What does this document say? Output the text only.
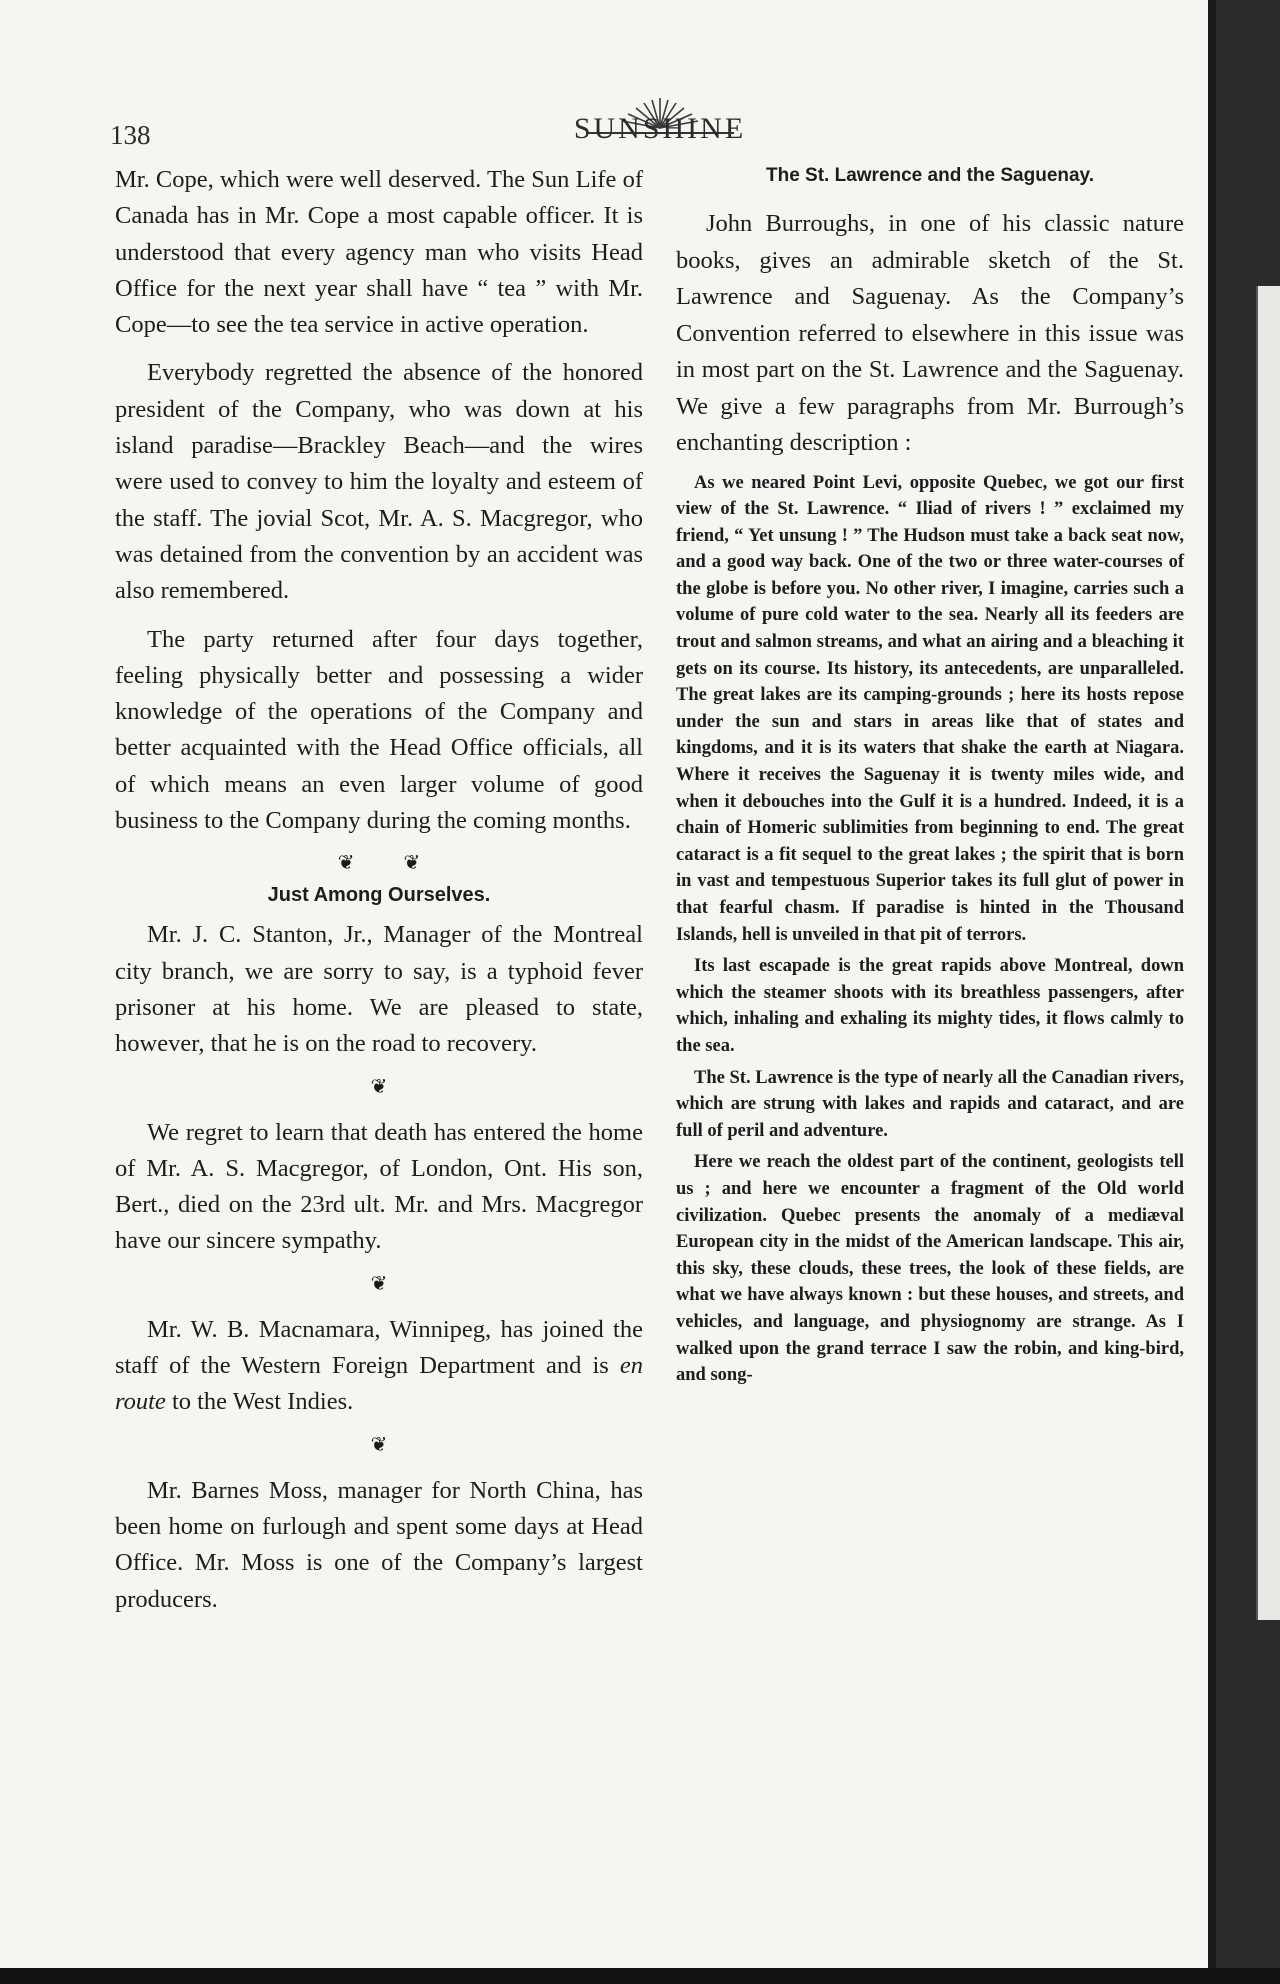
138	SUNSHINE

Mr. Cope, which were well deserved. The Sun Life of Canada has in Mr. Cope a most capable officer. It is understood that every agency man who visits Head Office for the next year shall have “ tea ” with Mr. Cope—to see the tea service in active operation.

Everybody regretted the absence of the honored president of the Company, who was down at his island paradise—Brackley Beach—and the wires were used to convey to him the loyalty and esteem of the staff. The jovial Scot, Mr. A. S. Macgregor, who was detained from the convention by an accident was also remembered.

The party returned after four days together, feeling physically better and possessing a wider knowledge of the operations of the Company and better acquainted with the Head Office officials, all of which means an even larger volume of good business to the Company during the coming months.

❦ ❦
Just Among Ourselves.

Mr. J. C. Stanton, Jr., Manager of the Montreal city branch, we are sorry to say, is a typhoid fever prisoner at his home. We are pleased to state, however, that he is on the road to recovery.

❦

We regret to learn that death has entered the home of Mr. A. S. Macgregor, of London, Ont. His son, Bert., died on the 23rd ult. Mr. and Mrs. Macgregor have our sincere sympathy.

❦

Mr. W. B. Macnamara, Winnipeg, has joined the staff of the Western Foreign Department and is en route to the West Indies.

❦

Mr. Barnes Moss, manager for North China, has been home on furlough and spent some days at Head Office. Mr. Moss is one of the Company’s largest producers.

The St. Lawrence and the Saguenay.

John Burroughs, in one of his classic nature books, gives an admirable sketch of the St. Lawrence and Saguenay. As the Company’s Convention referred to elsewhere in this issue was in most part on the St. Lawrence and the Saguenay. We give a few paragraphs from Mr. Burrough’s enchanting description :

As we neared Point Levi, opposite Quebec, we got our first view of the St. Lawrence. “ Iliad of rivers ! ” exclaimed my friend, “ Yet unsung ! ” The Hudson must take a back seat now, and a good way back. One of the two or three water-courses of the globe is before you. No other river, I imagine, carries such a volume of pure cold water to the sea. Nearly all its feeders are trout and salmon streams, and what an airing and a bleaching it gets on its course. Its history, its antecedents, are unparalleled. The great lakes are its camping-grounds ; here its hosts repose under the sun and stars in areas like that of states and kingdoms, and it is its waters that shake the earth at Niagara. Where it receives the Saguenay it is twenty miles wide, and when it debouches into the Gulf it is a hundred. Indeed, it is a chain of Homeric sublimities from beginning to end. The great cataract is a fit sequel to the great lakes ; the spirit that is born in vast and tempestuous Superior takes its full glut of power in that fearful chasm. If paradise is hinted in the Thousand Islands, hell is unveiled in that pit of terrors.

Its last escapade is the great rapids above Montreal, down which the steamer shoots with its breathless passengers, after which, inhaling and exhaling its mighty tides, it flows calmly to the sea.

The St. Lawrence is the type of nearly all the Canadian rivers, which are strung with lakes and rapids and cataract, and are full of peril and adventure.

Here we reach the oldest part of the continent, geologists tell us ; and here we encounter a fragment of the Old world civilization. Quebec presents the anomaly of a mediæval European city in the midst of the American landscape. This air, this sky, these clouds, these trees, the look of these fields, are what we have always known : but these houses, and streets, and vehicles, and language, and physiognomy are strange. As I walked upon the grand terrace I saw the robin, and king-bird, and song-
